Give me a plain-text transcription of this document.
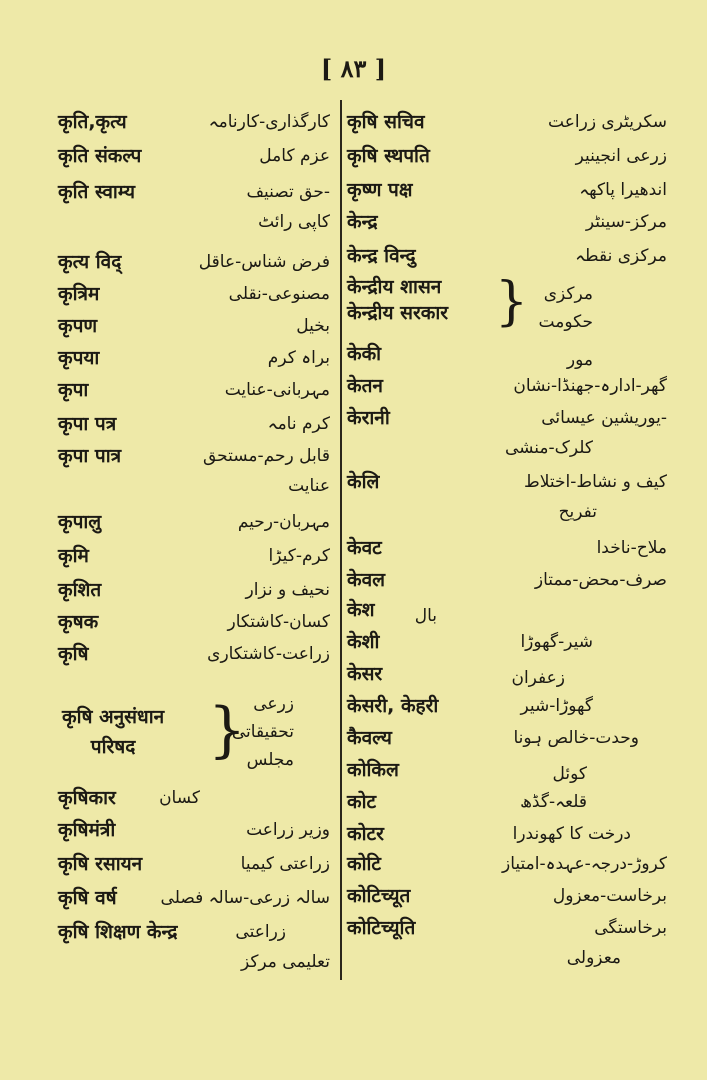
[ ٨٣ ]
कृति,कृत्य	کارگذاری-کارنامہ
कृति संकल्प	عزم کامل
कृति स्वाम्य	حق تصنیف-
کاپی رائٹ
कृत्य विद्	فرض شناس-عاقل
कृत्रिम	مصنوعی-نقلی
कृपण	بخیل
कृपया	براہ کرم
कृपा	مہربانی-عنایت
कृपा पत्र	کرم نامہ
कृपा पात्र	قابل رحم-مستحق
عنایت
कृपालु	مہربان-رحیم
कृमि	کرم-کیڑا
कृशित	نحیف و نزار
कृषक	کسان-کاشتکار
कृषि	زراعت-کاشتکاری
कृषि अनुसंधान
परिषद	} زرعی
تحقیقاتی
مجلس
कृषिकार	کسان
कृषिमंत्री	وزیر زراعت
कृषि रसायन	زراعتی کیمیا
कृषि वर्ष	سالہ زرعی-سالہ فصلی
कृषि शिक्षण केन्द्र	زراعتی
تعلیمی مرکز
कृषि सचिव	سکریٹری زراعت
कृषि स्थपति	زرعی انجینیر
कृष्ण पक्ष	اندھیرا پاکھہ
केन्द्र	مرکز-سینٹر
केन्द्र विन्दु	مرکزی نقطہ
केन्द्रीय शासन
केन्द्रीय सरकार } مرکزی
حکومت
केकी	مور
केतन	گھر-ادارہ-جھنڈا-نشان
केरानी	یوریشین عیسائی-
کلرک-منشی
केलि	کیف و نشاط-اختلاط
تفریح
केवट	ملاح-ناخدا
केवल	صرف-محض-ممتاز
केश بال
केशी	شیر-گھوڑا
केसर	زعفران
केसरी, केहरी	گھوڑا-شیر
कैवल्य	وحدت-خالص ہونا
कोकिल	کوئل
कोट	قلعہ-گڈھ
कोटर	درخت کا کھوندرا
कोटि	کروڑ-درجہ-عہدہ-امتیاز
कोटिच्यूत	برخاست-معزول
कोटिच्यूति	برخاستگی
معزولی
